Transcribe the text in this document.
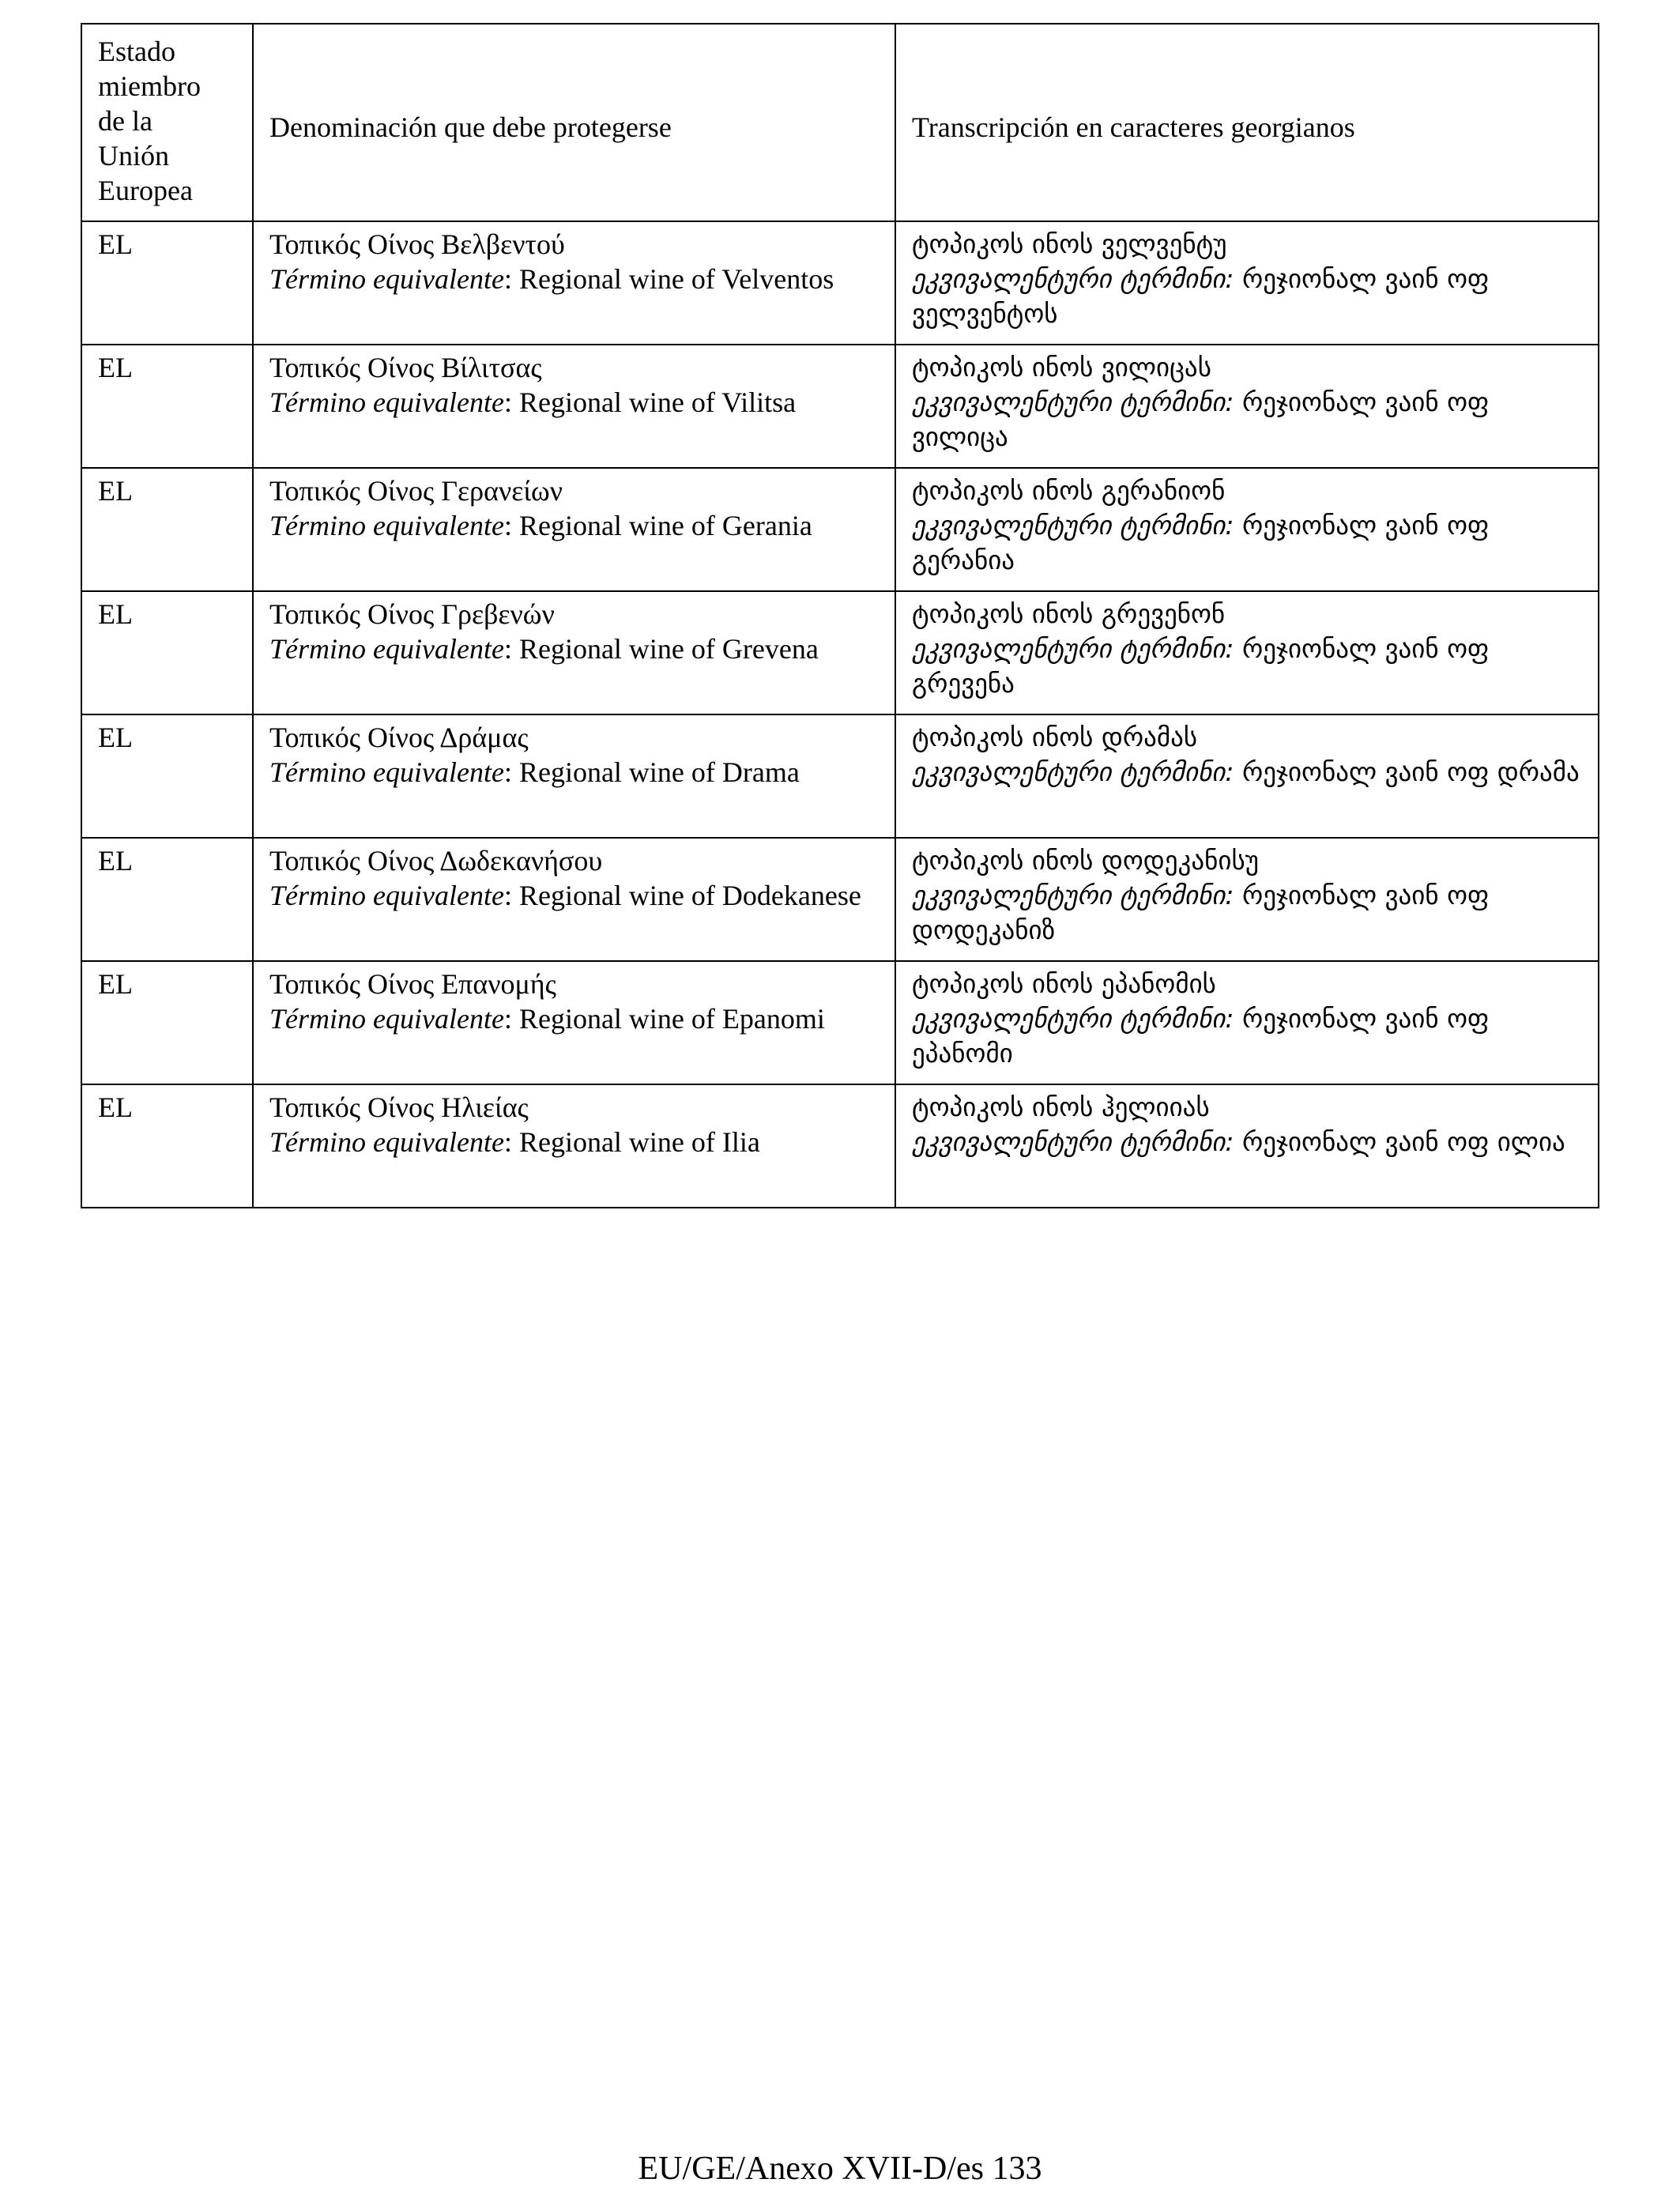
Estado
miembro
de la
Unión
Europea	Denominación que debe protegerse	Transcripción en caracteres georgianos

EL	Τοπικός Οίνος Βελβεντού
Término equivalente: Regional wine of Velventos	ტოპიკოს ინოს ველვენტუ
ეკვივალენტური ტერმინი: რეჯიონალ ვაინ ოფ ველვენტოს

EL	Τοπικός Οίνος Βίλιτσας
Término equivalente: Regional wine of Vilitsa	ტოპიკოს ინოს ვილიცას
ეკვივალენტური ტერმინი: რეჯიონალ ვაინ ოფ ვილიცა

EL	Τοπικός Οίνος Γερανείων
Término equivalente: Regional wine of Gerania	ტოპიკოს ინოს გერანიონ
ეკვივალენტური ტერმინი: რეჯიონალ ვაინ ოფ გერანია

EL	Τοπικός Οίνος Γρεβενών
Término equivalente: Regional wine of Grevena	ტოპიკოს ინოს გრევენონ
ეკვივალენტური ტერმინი: რეჯიონალ ვაინ ოფ გრევენა

EL	Τοπικός Οίνος Δράμας
Término equivalente: Regional wine of Drama	ტოპიკოს ინოს დრამას
ეკვივალენტური ტერმინი: რეჯიონალ ვაინ ოფ დრამა

EL	Τοπικός Οίνος Δωδεκανήσου
Término equivalente: Regional wine of Dodekanese	ტოპიკოს ინოს დოდეკანისუ
ეკვივალენტური ტერმინი: რეჯიონალ ვაინ ოფ დოდეკანიზ

EL	Τοπικός Οίνος Επανομής
Término equivalente: Regional wine of Epanomi	ტოპიკოს ინოს ეპანომის
ეკვივალენტური ტერმინი: რეჯიონალ ვაინ ოფ ეპანომი

EL	Τοπικός Οίνος Ηλιείας
Término equivalente: Regional wine of Ilia	ტოპიკოს ინოს ჰელიიას
ეკვივალენტური ტერმინი: რეჯიონალ ვაინ ოფ ილია
EU/GE/Anexo XVII-D/es 133
